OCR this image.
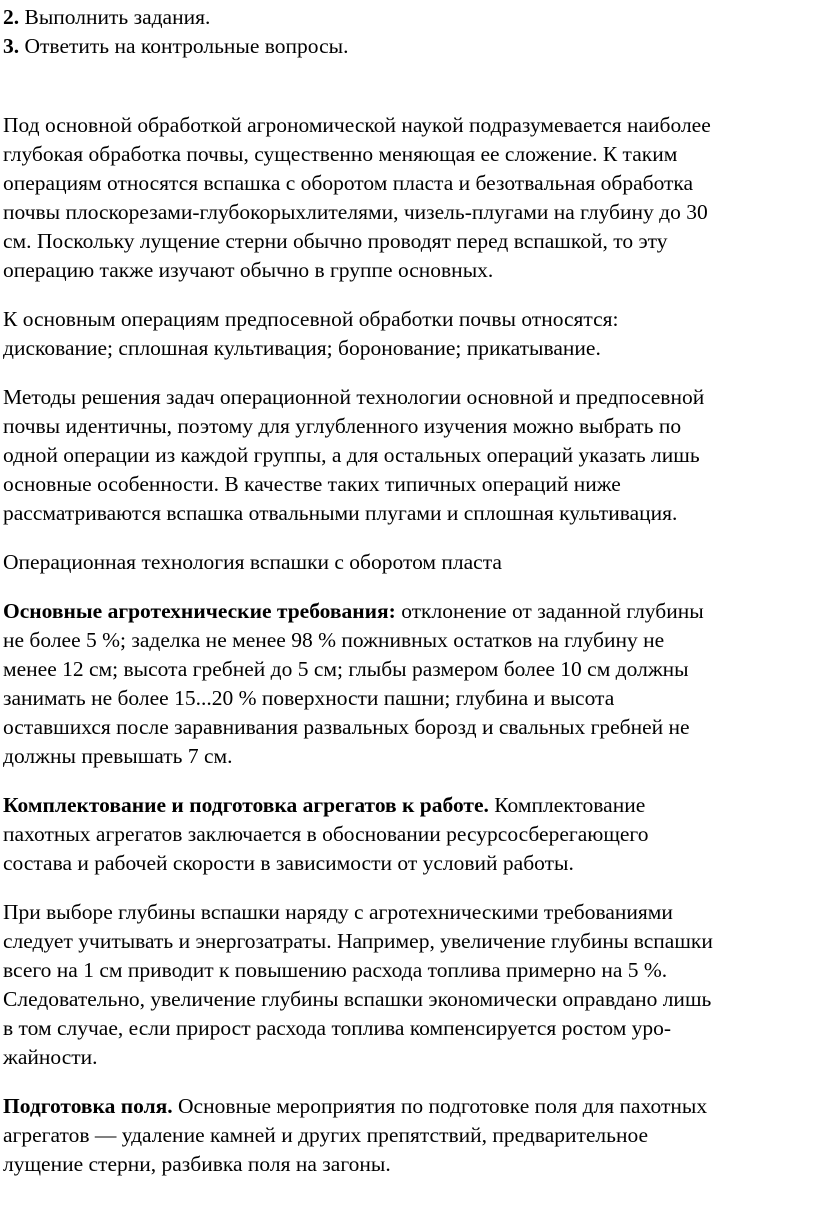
2. Выполнить задания.
3. Ответить на контрольные вопросы.
Под основной обработкой агрономической наукой подразумевается наиболее
глубокая обработка почвы, существенно меняющая ее сложение. К таким
операциям относятся вспашка с оборотом пласта и безотвальная обработка
почвы плоскорезами-глубокорыхлителями, чизель-плугами на глубину до 30
см. Поскольку лущение стерни обычно проводят перед вспашкой, то эту
операцию также изучают обычно в группе основных.
К основным операциям предпосевной обработки почвы относятся:
дискование; сплошная культивация; боронование; прикатывание.
Методы решения задач операционной технологии основной и предпосевной
почвы идентичны, поэтому для углубленного изучения можно выбрать по
одной операции из каждой группы, а для остальных операций указать лишь
основные особенности. В качестве таких типичных операций ниже
рассматриваются вспашка отвальными плугами и сплошная культивация.
Операционная технология вспашки с оборотом пласта
Основные агротехнические требования: отклонение от заданной глубины
не более 5 %; заделка не менее 98 % пожнивных остатков на глубину не
менее 12 см; высота гребней до 5 см; глыбы размером более 10 см должны
занимать не более 15...20 % поверхности пашни; глубина и высота
оставшихся после заравнивания развальных борозд и свальных гребней не
должны превышать 7 см.
Комплектование и подготовка агрегатов к работе. Комплектование
пахотных агрегатов заключается в обосновании ресурсосберегающего
состава и рабочей скорости в зависимости от условий работы.
При выборе глубины вспашки наряду с агротехническими требованиями
следует учитывать и энергозатраты. Например, увеличение глубины вспашки
всего на 1 см приводит к повышению расхода топлива примерно на 5 %.
Следовательно, увеличение глубины вспашки экономически оправдано лишь
в том случае, если прирост расхода топлива компенсируется ростом уро-
жайности.
Подготовка поля. Основные мероприятия по подготовке поля для пахотных
агрегатов — удаление камней и других препятствий, предварительное
лущение стерни, разбивка поля на загоны.
